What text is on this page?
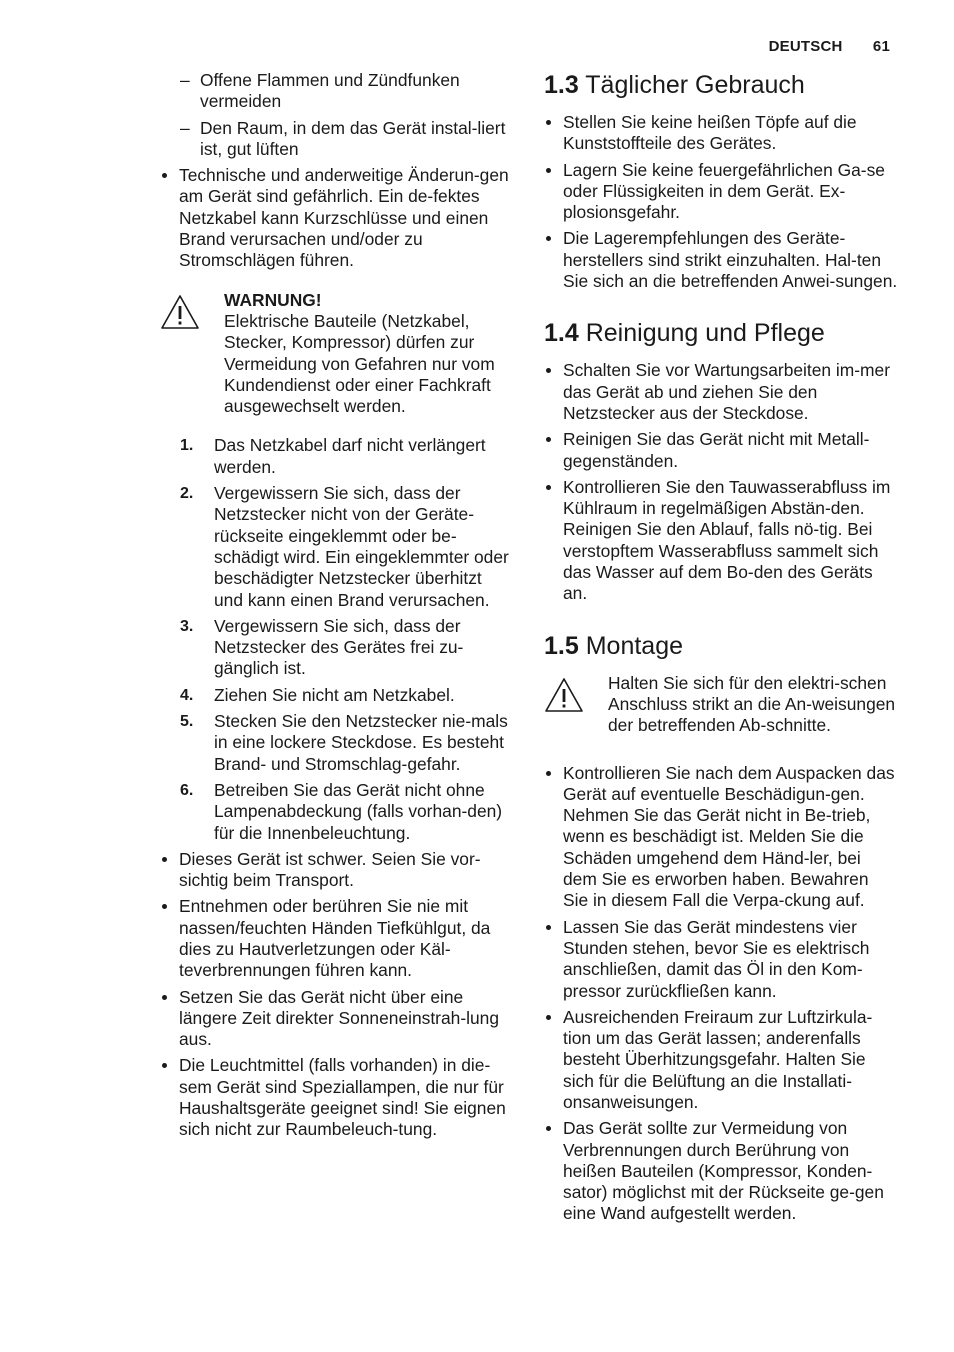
DEUTSCH 61
– Offene Flammen und Zündfunken vermeiden
– Den Raum, in dem das Gerät instal-liert ist, gut lüften
Technische und anderweitige Änderun-gen am Gerät sind gefährlich. Ein de-fektes Netzkabel kann Kurzschlüsse und einen Brand verursachen und/oder zu Stromschlägen führen.
WARNUNG!
Elektrische Bauteile (Netzkabel, Stecker, Kompressor) dürfen zur Vermeidung von Gefahren nur vom Kundendienst oder einer Fachkraft ausgewechselt werden.
1.	Das Netzkabel darf nicht verlängert werden.
2.	Vergewissern Sie sich, dass der Netzstecker nicht von der Geräte-rückseite eingeklemmt oder be-schädigt wird. Ein eingeklemmter oder beschädigter Netzstecker überhitzt und kann einen Brand verursachen.
3.	Vergewissern Sie sich, dass der Netzstecker des Gerätes frei zu-gänglich ist.
4.	Ziehen Sie nicht am Netzkabel.
5.	Stecken Sie den Netzstecker nie-mals in eine lockere Steckdose. Es besteht Brand- und Stromschlag-gefahr.
6.	Betreiben Sie das Gerät nicht ohne Lampenabdeckung (falls vorhan-den) für die Innenbeleuchtung.
Dieses Gerät ist schwer. Seien Sie vor-sichtig beim Transport.
Entnehmen oder berühren Sie nie mit nassen/feuchten Händen Tiefkühlgut, da dies zu Hautverletzungen oder Käl-teverbrennungen führen kann.
Setzen Sie das Gerät nicht über eine längere Zeit direkter Sonneneinstrah-lung aus.
Die Leuchtmittel (falls vorhanden) in die-sem Gerät sind Speziallampen, die nur für Haushaltsgeräte geeignet sind! Sie eignen sich nicht zur Raumbeleuch-tung.
1.3 Täglicher Gebrauch
Stellen Sie keine heißen Töpfe auf die Kunststoffteile des Gerätes.
Lagern Sie keine feuergefährlichen Ga-se oder Flüssigkeiten in dem Gerät. Ex-plosionsgefahr.
Die Lagerempfehlungen des Geräte-herstellers sind strikt einzuhalten. Hal-ten Sie sich an die betreffenden Anwei-sungen.
1.4 Reinigung und Pflege
Schalten Sie vor Wartungsarbeiten im-mer das Gerät ab und ziehen Sie den Netzstecker aus der Steckdose.
Reinigen Sie das Gerät nicht mit Metall-gegenständen.
Kontrollieren Sie den Tauwasserabfluss im Kühlraum in regelmäßigen Abstän-den. Reinigen Sie den Ablauf, falls nö-tig. Bei verstopftem Wasserabfluss sammelt sich das Wasser auf dem Bo-den des Geräts an.
1.5 Montage
Halten Sie sich für den elektri-schen Anschluss strikt an die An-weisungen der betreffenden Ab-schnitte.
Kontrollieren Sie nach dem Auspacken das Gerät auf eventuelle Beschädigun-gen. Nehmen Sie das Gerät nicht in Be-trieb, wenn es beschädigt ist. Melden Sie die Schäden umgehend dem Händ-ler, bei dem Sie es erworben haben. Bewahren Sie in diesem Fall die Verpa-ckung auf.
Lassen Sie das Gerät mindestens vier Stunden stehen, bevor Sie es elektrisch anschließen, damit das Öl in den Kom-pressor zurückfließen kann.
Ausreichenden Freiraum zur Luftzirkula-tion um das Gerät lassen; anderenfalls besteht Überhitzungsgefahr. Halten Sie sich für die Belüftung an die Installati-onsanweisungen.
Das Gerät sollte zur Vermeidung von Verbrennungen durch Berührung von heißen Bauteilen (Kompressor, Konden-sator) möglichst mit der Rückseite ge-gen eine Wand aufgestellt werden.
